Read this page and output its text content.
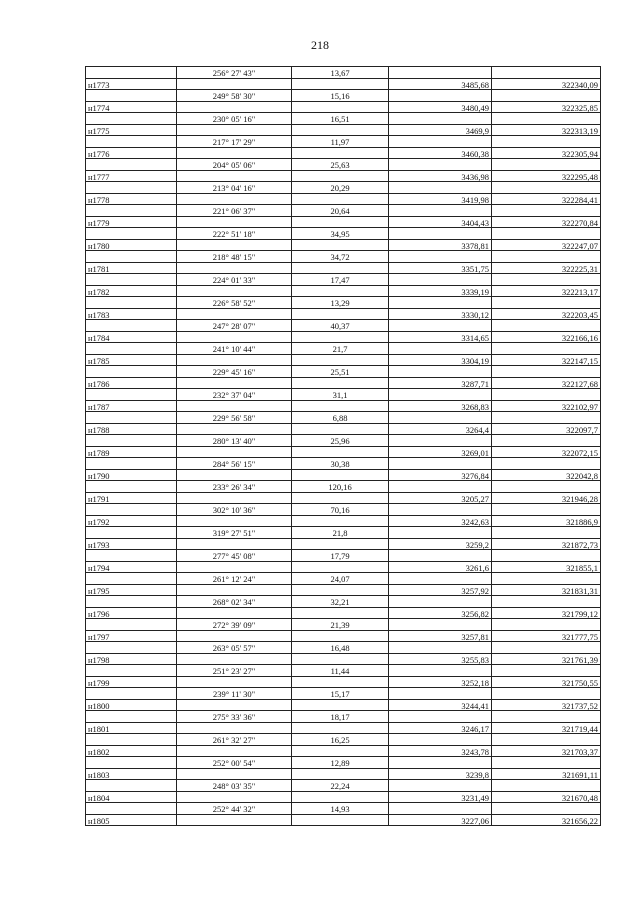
218
	256° 27' 43"	13,67		
н1773			3485,68	322340,09
	249° 58' 30"	15,16		
н1774			3480,49	322325,85
	230° 05' 16"	16,51		
н1775			3469,9	322313,19
	217° 17' 29"	11,97		
н1776			3460,38	322305,94
	204° 05' 06"	25,63		
н1777			3436,98	322295,48
	213° 04' 16"	20,29		
н1778			3419,98	322284,41
	221° 06' 37"	20,64		
н1779			3404,43	322270,84
	222° 51' 18"	34,95		
н1780			3378,81	322247,07
	218° 48' 15"	34,72		
н1781			3351,75	322225,31
	224° 01' 33"	17,47		
н1782			3339,19	322213,17
	226° 58' 52"	13,29		
н1783			3330,12	322203,45
	247° 28' 07"	40,37		
н1784			3314,65	322166,16
	241° 10' 44"	21,7		
н1785			3304,19	322147,15
	229° 45' 16"	25,51		
н1786			3287,71	322127,68
	232° 37' 04"	31,1		
н1787			3268,83	322102,97
	229° 56' 58"	6,88		
н1788			3264,4	322097,7
	280° 13' 40"	25,96		
н1789			3269,01	322072,15
	284° 56' 15"	30,38		
н1790			3276,84	322042,8
	233° 26' 34"	120,16		
н1791			3205,27	321946,28
	302° 10' 36"	70,16		
н1792			3242,63	321886,9
	319° 27' 51"	21,8		
н1793			3259,2	321872,73
	277° 45' 08"	17,79		
н1794			3261,6	321855,1
	261° 12' 24"	24,07		
н1795			3257,92	321831,31
	268° 02' 34"	32,21		
н1796			3256,82	321799,12
	272° 39' 09"	21,39		
н1797			3257,81	321777,75
	263° 05' 57"	16,48		
н1798			3255,83	321761,39
	251° 23' 27"	11,44		
н1799			3252,18	321750,55
	239° 11' 30"	15,17		
н1800			3244,41	321737,52
	275° 33' 36"	18,17		
н1801			3246,17	321719,44
	261° 32' 27"	16,25		
н1802			3243,78	321703,37
	252° 00' 54"	12,89		
н1803			3239,8	321691,11
	248° 03' 35"	22,24		
н1804			3231,49	321670,48
	252° 44' 32"	14,93		
н1805			3227,06	321656,22
